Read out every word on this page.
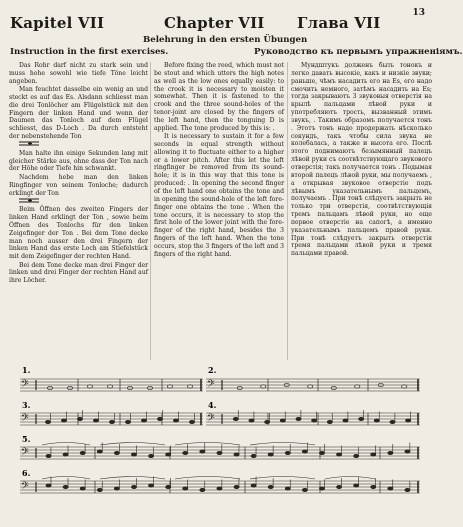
13
Kapitel VII	Chapter VII Глава VII
Belehrung in den ersten Übungen
Instruction in the first exercises.	Руководство къ первымъ упражненіямъ.

Das Rohr darf nicht zu stark sein und muss hohe sowohl wie tiefe Töne leicht angeben.

Man feuchtet dasselbe ein wenig an und steckt es auf das Es. Alsdann schliesst man die drei Tonlöcher am Flügelstück mit den Fingern der linken Hand und wenn der Daumen das Tonloch auf dem Flügel schliesst, das D-Loch . Da durch entsteht der nebenstehende Ton

Man halte ihn einige Sekunden lang mit gleicher Stärke aus, ohne dass der Ton nach der Höhe oder Tiefe hin schwankt.

Nachdem hebe man den linken Ringfinger von seinem Tonloche; dadurch erklingt der Ton

Beim Öffnen des zweiten Fingers der linken Hand erklingt der Ton , sowie beim Öffnen des Tonlochs für den linken Zeigefinger der Ton . Bei dem Tone decke man noch ausser den drei Fingern der linken Hand das erste Loch am Stiefelstück mit dem Zeigefinger der rechten Hand.

Bei dem Tone decke man drei Finger der linken und drei Finger der rechten Hand auf ihre Löcher.

Before fixing the reed, which must not be stout and which utters the high notes as well as the low ones equally easily: to the crook it is necessary to moisten it somewhat. Then it is fastened to the crook and the three sound-holes of the tenor-joint are closed by the fingers of the left hand, then the tonguing D is applied. The tone produced by this is: .

It is necessary to sustain it for a few seconds in equal strength without allowing it to fluctuate either to a higher or a lower pitch. After this let the left ringfinger be removed from its sound-hole; it is in this way that this tone is produced: . In opening the second finger of the left hand one obtains the tone and in opening the sound-hole of the left fore-finger one obtains the tone . When the tone occurs, it is necessary to stop the first hole of the lower joint with the fore-finger of the right hand, besides the 3 fingers of the left hand. When the tone occurs, stop the 3 fingers of the left and 3 fingers of the right hand.

Мундштукъ долженъ быть тонокъ и легко давать высокіе, какъ и низкіе звуки; раньше, чѣмъ насадить его на Es, его надо смочить немного, затѣмъ насадить на Es; тогда закрываютъ 3 звуковыя отверстія на крылѣ пальцами лѣвой руки и употребляютъ трость, вызванный этимъ звукъ, . Такимъ образомъ получается тонъ . Этотъ тонъ надо продержать нѣсколько секундъ, такъ чтобы сила звука не колебалась, а также и высота его. Послѣ этого поднимаютъ безымянный палецъ лѣвой руки съ соотвѣтствующаго звукового отверстія; такъ получается тонъ . Подымая второй палецъ лѣвой руки, мы получаемъ , а открывая звуковое отверстіе подъ лѣвымъ указательнымъ пальцемъ, получаемъ . При тонѣ слѣдуетъ закрыть не только три отверстія, соотвѣтствующія тремъ пальцамъ лѣвой руки, но еще первое отверстіе на сапогѣ, а именно указательнымъ пальцемъ правой руки. При тонѣ слѣдуетъ закрыть отверстія тремя пальцами лѣвой руки и тремя пальцами правой.

𝄢	𝄢
𝄢	𝄢
𝄢
𝄢
1.	2.
3.	4.
5.
6.
